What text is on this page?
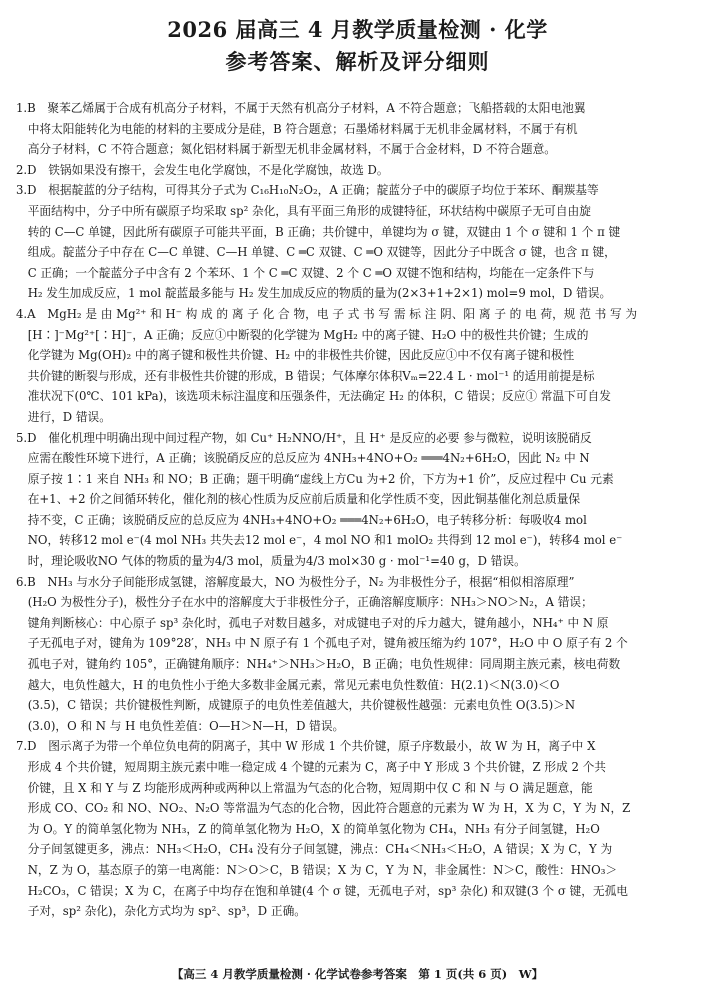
2026 届高三 4 月教学质量检测 · 化学
参考答案、解析及评分细则
1.B　聚苯乙烯属于合成有机高分子材料，不属于天然有机高分子材料，A 不符合题意；飞船搭载的太阳电池翼
　中将太阳能转化为电能的材料的主要成分是硅，B 符合题意；石墨烯材料属于无机非金属材料，不属于有机
　高分子材料，C 不符合题意；氮化铝材料属于新型无机非金属材料，不属于合金材料，D 不符合题意。
2.D　铁锅如果没有擦干，会发生电化学腐蚀，不是化学腐蚀，故选 D。
3.D　根据靛蓝的分子结构，可得其分子式为 C₁₆H₁₀N₂O₂，A 正确；靛蓝分子中的碳原子均位于苯环、酮羰基等
　平面结构中，分子中所有碳原子均采取 sp² 杂化，具有平面三角形的成键特征，环状结构中碳原子无可自由旋
　转的 C—C 单键，因此所有碳原子可能共平面，B 正确；共价键中，单键均为 σ 键，双键由 1 个 σ 键和 1 个 π 键
　组成。靛蓝分子中存在 C—C 单键、C—H 单键、C ═C 双键、C ═O 双键等，因此分子中既含 σ 键，也含 π 键，
　C 正确；一个靛蓝分子中含有 2 个苯环、1 个 C ═C 双键、2 个 C ═O 双键不饱和结构，均能在一定条件下与
　H₂ 发生加成反应，1 mol 靛蓝最多能与 H₂ 发生加成反应的物质的量为(2×3+1+2×1) mol=9 mol，D 错误。
4.A　MgH₂ 是 由 Mg²⁺ 和 H⁻ 构 成 的 离 子 化 合 物，电 子 式 书 写 需 标 注 阴、阳 离 子 的 电 荷，规 范 书 写 为
　[H∶]⁻Mg²⁺[∶H]⁻，A 正确；反应①中断裂的化学键为 MgH₂ 中的离子键、H₂O 中的极性共价键；生成的
　化学键为 Mg(OH)₂ 中的离子键和极性共价键、H₂ 中的非极性共价键，因此反应①中不仅有离子键和极性
　共价键的断裂与形成，还有非极性共价键的形成，B 错误；气体摩尔体积Vₘ=22.4 L · mol⁻¹ 的适用前提是标
　准状况下(0℃、101 kPa)，该选项未标注温度和压强条件，无法确定 H₂ 的体积，C 错误；反应① 常温下可自发
　进行，D 错误。
5.D　催化机理中明确出现中间过程产物，如 Cu⁺ H₂NNO/H⁺，且 H⁺ 是反应的必要 参与微粒，说明该脱硝反
　应需在酸性环境下进行，A 正确；该脱硝反应的总反应为 4NH₃+4NO+O₂ ═══4N₂+6H₂O，因此 N₂ 中 N
　原子按 1∶1 来自 NH₃ 和 NO；B 正确；题干明确“虚线上方Cu 为+2 价，下方为+1 价”，反应过程中 Cu 元素
　在+1、+2 价之间循环转化，催化剂的核心性质为反应前后质量和化学性质不变，因此铜基催化剂总质量保
　持不变，C 正确；该脱硝反应的总反应为 4NH₃+4NO+O₂ ═══4N₂+6H₂O，电子转移分析：每吸收4 mol
　NO，转移12 mol e⁻(4 mol NH₃ 共失去12 mol e⁻，4 mol NO 和1 molO₂ 共得到 12 mol e⁻)，转移4 mol e⁻
　时，理论吸收NO 气体的物质的量为4/3 mol，质量为4/3 mol×30 g · mol⁻¹=40 g，D 错误。
6.B　NH₃ 与水分子间能形成氢键，溶解度最大，NO 为极性分子，N₂ 为非极性分子，根据“相似相溶原理”
　(H₂O 为极性分子)，极性分子在水中的溶解度大于非极性分子，正确溶解度顺序：NH₃＞NO＞N₂，A 错误；
　键角判断核心：中心原子 sp³ 杂化时，孤电子对数目越多，对成键电子对的斥力越大，键角越小，NH₄⁺ 中 N 原
　子无孤电子对，键角为 109°28′，NH₃ 中 N 原子有 1 个孤电子对，键角被压缩为约 107°，H₂O 中 O 原子有 2 个
　孤电子对，键角约 105°，正确键角顺序：NH₄⁺＞NH₃＞H₂O，B 正确；电负性规律：同周期主族元素，核电荷数
　越大，电负性越大，H 的电负性小于绝大多数非金属元素，常见元素电负性数值：H(2.1)＜N(3.0)＜O
　(3.5)，C 错误；共价键极性判断，成键原子的电负性差值越大，共价键极性越强：元素电负性 O(3.5)＞N
　(3.0)，O 和 N 与 H 电负性差值：O—H＞N—H，D 错误。
7.D　图示离子为带一个单位负电荷的阴离子，其中 W 形成 1 个共价键，原子序数最小，故 W 为 H，离子中 X
　形成 4 个共价键，短周期主族元素中唯一稳定成 4 个键的元素为 C，离子中 Y 形成 3 个共价键，Z 形成 2 个共
　价键，且 X 和 Y 与 Z 均能形成两种或两种以上常温为气态的化合物，短周期中仅 C 和 N 与 O 满足题意，能
　形成 CO、CO₂ 和 NO、NO₂、N₂O 等常温为气态的化合物，因此符合题意的元素为 W 为 H，X 为 C，Y 为 N，Z
　为 O。Y 的简单氢化物为 NH₃，Z 的简单氢化物为 H₂O，X 的简单氢化物为 CH₄，NH₃ 有分子间氢键，H₂O
　分子间氢键更多，沸点：NH₃＜H₂O，CH₄ 没有分子间氢键，沸点：CH₄＜NH₃＜H₂O，A 错误；X 为 C，Y 为
　N，Z 为 O，基态原子的第一电离能：N＞O＞C，B 错误；X 为 C，Y 为 N，非金属性：N＞C，酸性：HNO₃＞
　H₂CO₃，C 错误；X 为 C，在离子中均存在饱和单键(4 个 σ 键，无孤电子对，sp³ 杂化) 和双键(3 个 σ 键，无孤电
　子对，sp² 杂化)，杂化方式均为 sp²、sp³，D 正确。
【高三 4 月教学质量检测 · 化学试卷参考答案　第 1 页(共 6 页)　W】
